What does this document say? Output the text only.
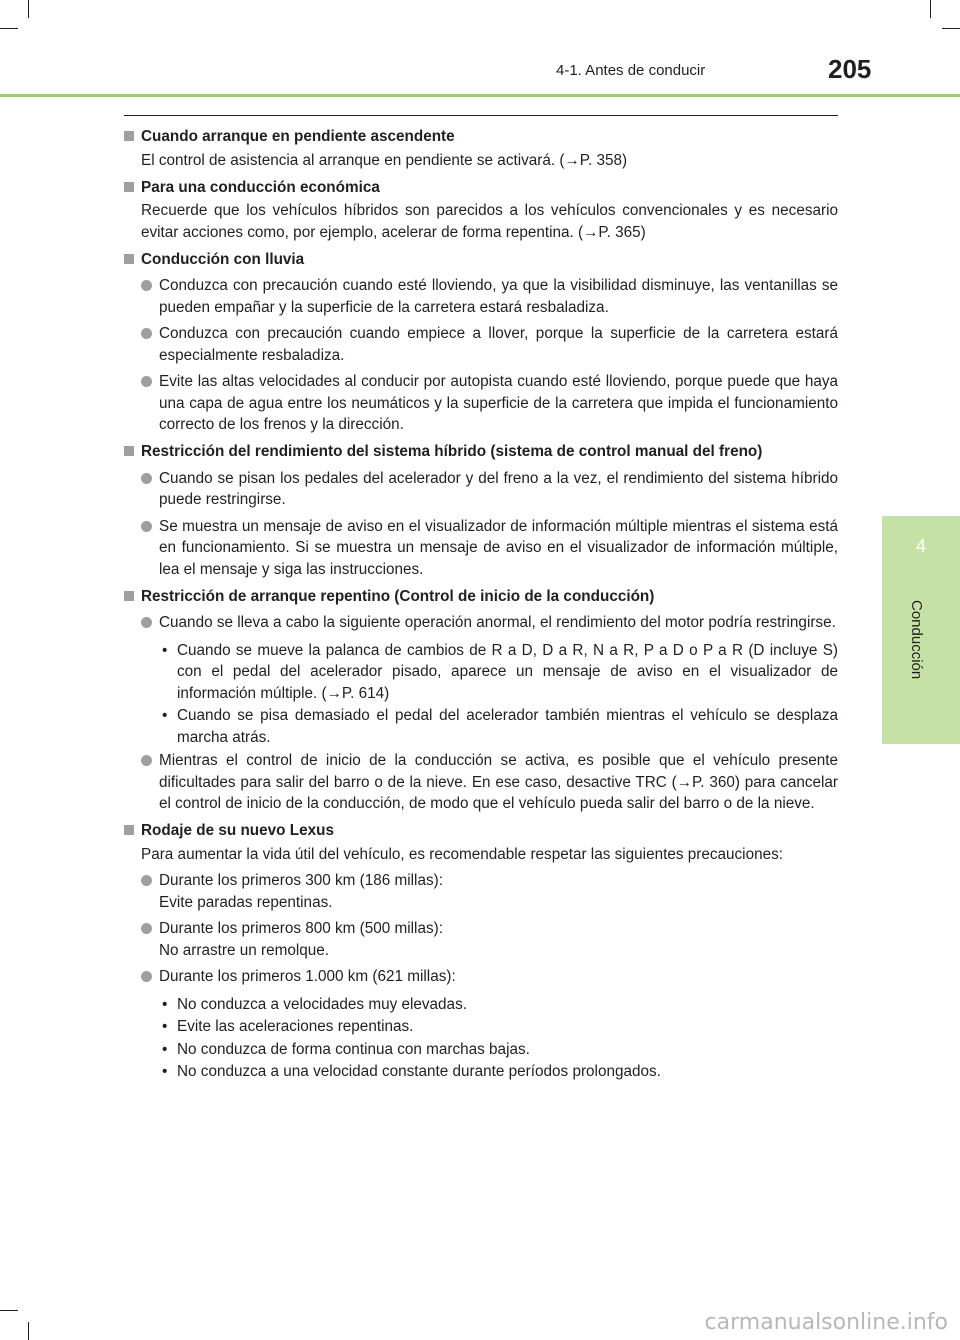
4-1. Antes de conducir	205
4
Conducción

Cuando arranque en pendiente ascendente

El control de asistencia al arranque en pendiente se activará. (→P. 358)

Para una conducción económica

Recuerde que los vehículos híbridos son parecidos a los vehículos convencionales y es necesario evitar acciones como, por ejemplo, acelerar de forma repentina. (→P. 365)

Conducción con lluvia

Conduzca con precaución cuando esté lloviendo, ya que la visibilidad disminuye, las ventanillas se pueden empañar y la superficie de la carretera estará resbaladiza.

Conduzca con precaución cuando empiece a llover, porque la superficie de la carretera estará especialmente resbaladiza.

Evite las altas velocidades al conducir por autopista cuando esté lloviendo, porque puede que haya una capa de agua entre los neumáticos y la superficie de la carretera que impida el funcionamiento correcto de los frenos y la dirección.

Restricción del rendimiento del sistema híbrido (sistema de control manual del freno)

Cuando se pisan los pedales del acelerador y del freno a la vez, el rendimiento del sistema híbrido puede restringirse.

Se muestra un mensaje de aviso en el visualizador de información múltiple mientras el sistema está en funcionamiento. Si se muestra un mensaje de aviso en el visualizador de información múltiple, lea el mensaje y siga las instrucciones.

Restricción de arranque repentino (Control de inicio de la conducción)

Cuando se lleva a cabo la siguiente operación anormal, el rendimiento del motor podría restringirse.

• Cuando se mueve la palanca de cambios de R a D, D a R, N a R, P a D o P a R (D incluye S) con el pedal del acelerador pisado, aparece un mensaje de aviso en el visualizador de información múltiple. (→P. 614)

• Cuando se pisa demasiado el pedal del acelerador también mientras el vehículo se desplaza marcha atrás.

Mientras el control de inicio de la conducción se activa, es posible que el vehículo presente dificultades para salir del barro o de la nieve. En ese caso, desactive TRC (→P. 360) para cancelar el control de inicio de la conducción, de modo que el vehículo pueda salir del barro o de la nieve.

Rodaje de su nuevo Lexus

Para aumentar la vida útil del vehículo, es recomendable respetar las siguientes precauciones:

Durante los primeros 300 km (186 millas):
Evite paradas repentinas.

Durante los primeros 800 km (500 millas):
No arrastre un remolque.

Durante los primeros 1.000 km (621 millas):

• No conduzca a velocidades muy elevadas.

• Evite las aceleraciones repentinas.

• No conduzca de forma continua con marchas bajas.

• No conduzca a una velocidad constante durante períodos prolongados.

carmanualsonline.info
